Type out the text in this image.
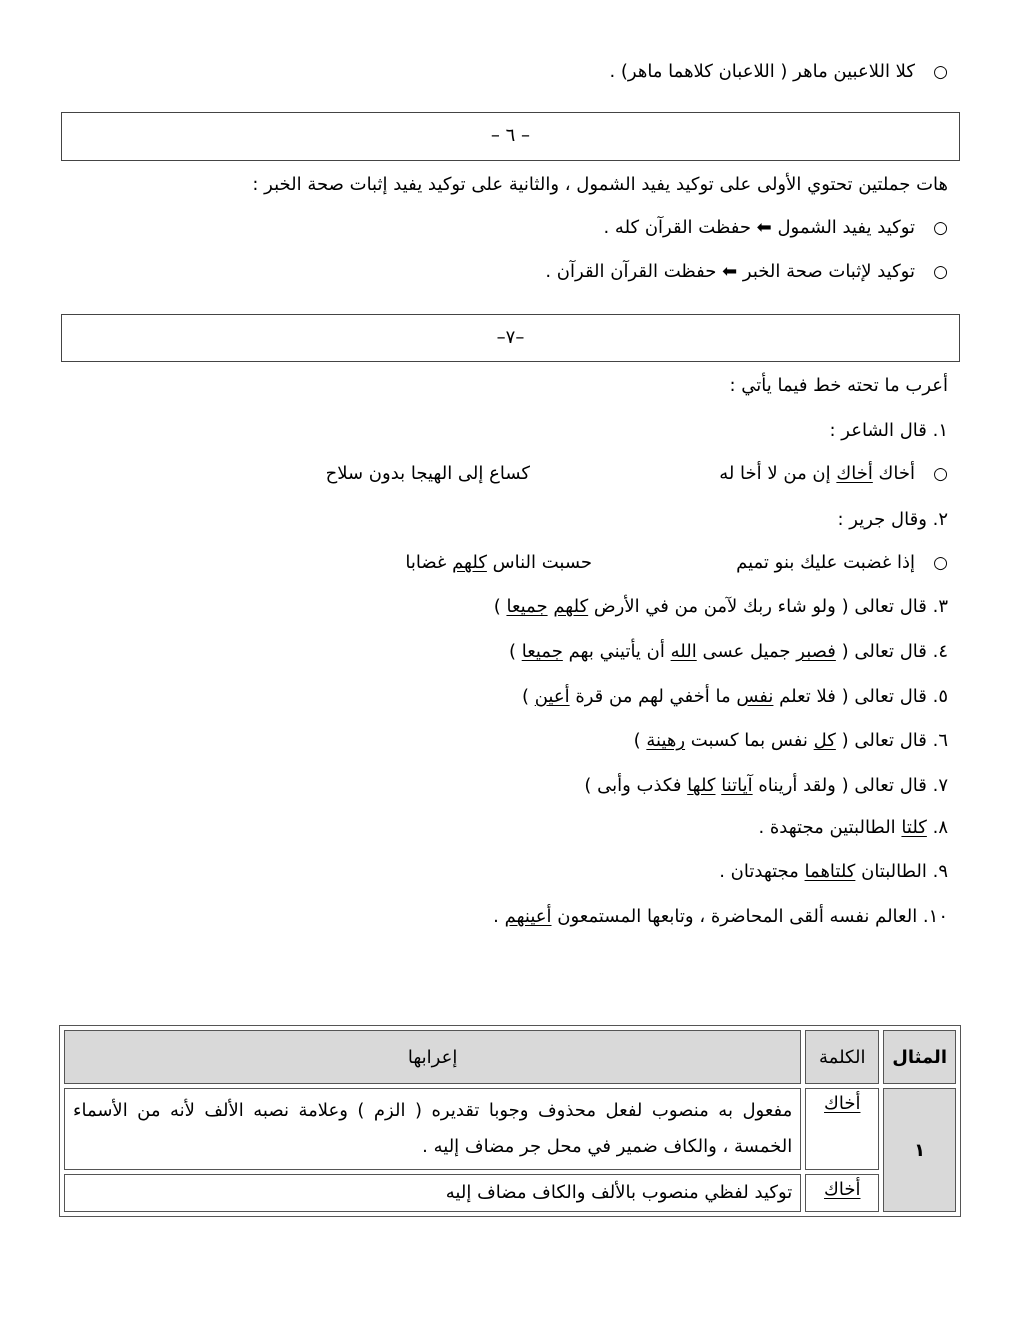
○
كلا اللاعبين ماهر ( اللاعبان كلاهما ماهر) .
– ٦ –
هات جملتين تحتوي الأولى على توكيد يفيد الشمول ، والثانية على توكيد يفيد إثبات صحة الخبر :
○
توكيد يفيد الشمول ⬅ حفظت القرآن كله .
○
توكيد لإثبات صحة الخبر ⬅ حفظت القرآن القرآن .
–٧–
أعرب ما تحته خط فيما يأتي :
١. قال الشاعر :
○
أخاك أخاك إن من لا أخا له
كساع إلى الهيجا بدون سلاح
٢. وقال جرير :
○
إذا غضبت عليك بنو تميم
حسبت الناس كلهم غضابا
٣. قال تعالى ( ولو شاء ربك لآمن من في الأرض كلهم جميعا )
٤. قال تعالى ( فصبر جميل عسى الله أن يأتيني بهم جميعا )
٥. قال تعالى ( فلا تعلم نفس ما أخفي لهم من قرة أعين )
٦. قال تعالى ( كل نفس بما كسبت رهينة )
٧. قال تعالى ( ولقد أريناه آياتنا كلها فكذب وأبى )
٨. كلتا الطالبتين مجتهدة .
٩. الطالبتان كلتاهما مجتهدتان .
١٠. العالم نفسه ألقى المحاضرة ، وتابعها المستمعون أعينهم .
المثال	الكلمة	إعرابها
١	أخاك	مفعول به منصوب لفعل محذوف وجوبا تقديره ( الزم ) وعلامة نصبه الألف لأنه من الأسماء الخمسة ، والكاف ضمير في محل جر مضاف إليه .
	أخاك	توكيد لفظي منصوب بالألف والكاف مضاف إليه
